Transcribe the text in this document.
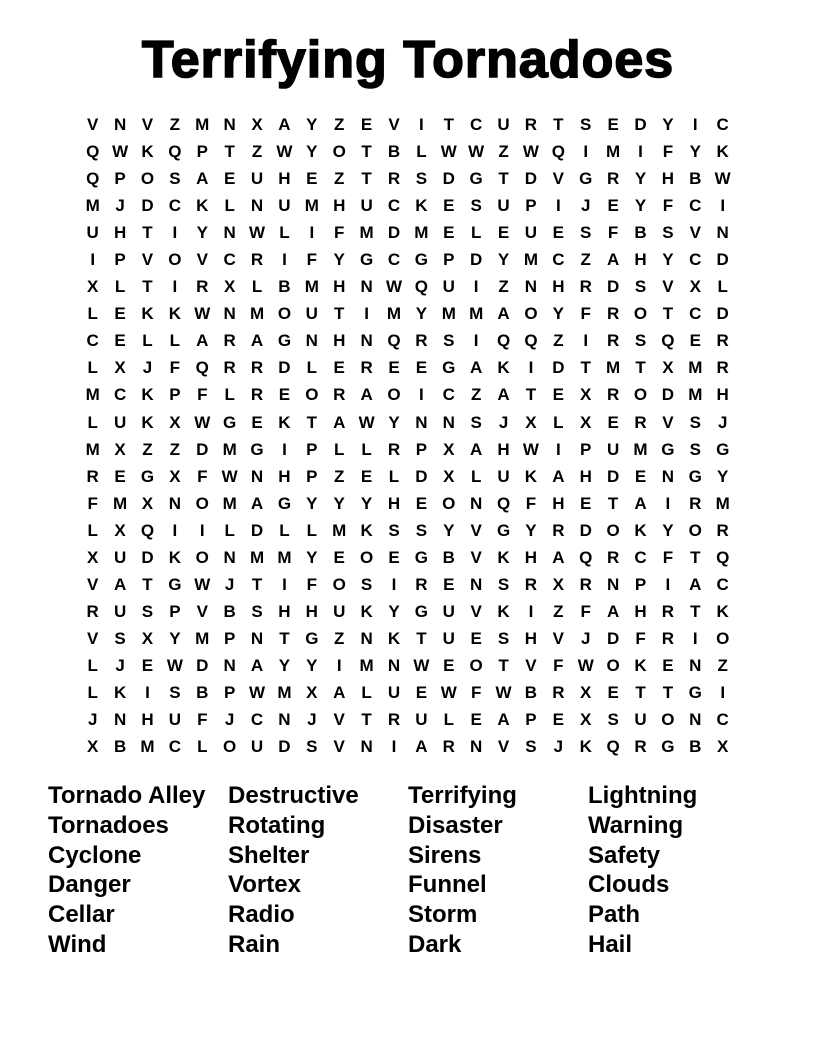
Terrifying Tornadoes
V N V Z M N X A Y Z E V	I	T C U R T S E D Y	I	C
Q W K Q P T	Z W Y O T B L W W Z W Q	I	M	I	F Y K
Q P O S A E U H E Z	T R S D G T D V G R Y H B W
M J D C K L N U M H U C K E S U P	I	J E Y F C	I
U H T	I	Y N W L	I	F M D M E L E U E S F B S V N
I	P V O V C R	I	F Y G C G P D Y M C Z A H Y C D
X L	T	I	R X L B M H N W Q U	I	Z N H R D S V X L
L E K K W N M O U T	I	M Y M M A O Y F R O T C D
C E L	L A R A G N H N Q R S	I	Q Q Z	I	R S Q E R
L X J	F Q R R D L E R E E G A K	I	D T M T X M R
M C K P F	L R E O R A O	I	C Z A T E X R O D M H
L U K X W G E K T A W Y N N S J X L X E R V S J
M X Z	Z D M G	I	P L	L R P X A H W	I	P U M G S G
R E G X F W N H P Z E L D X L U K A H D E N G Y
F M X N O M A G Y Y Y H E O N Q F H E T A	I	R M
L X Q	I	I	L D L	L M K S S Y V G Y R D O K Y O R
X U D K O N M M Y E O E G B V K H A Q R C F	T Q
V A T G W J	T	I	F O S	I	R E N S R X R N P	I	A C
R U S P V B S H H U K Y G U V K	I	Z	F A H R T K
V S X Y M P N T G Z N K T U E S H V J D F R	I	O
L	J E W D N A Y Y	I	M N W E O T V F W O K E N Z
L K	I	S B P W M X A L U E W F W B R X E T	T G	I
J N H U F	J C N J V T R U L E A P E X S U O N C
X B M C L O U D S V N	I	A R N V S J K Q R G B X
Tornado Alley
Tornadoes
Cyclone
Danger
Cellar
Wind
Destructive
Rotating
Shelter
Vortex
Radio
Rain
Terrifying
Disaster
Sirens
Funnel
Storm
Dark
Lightning
Warning
Safety
Clouds
Path
Hail
